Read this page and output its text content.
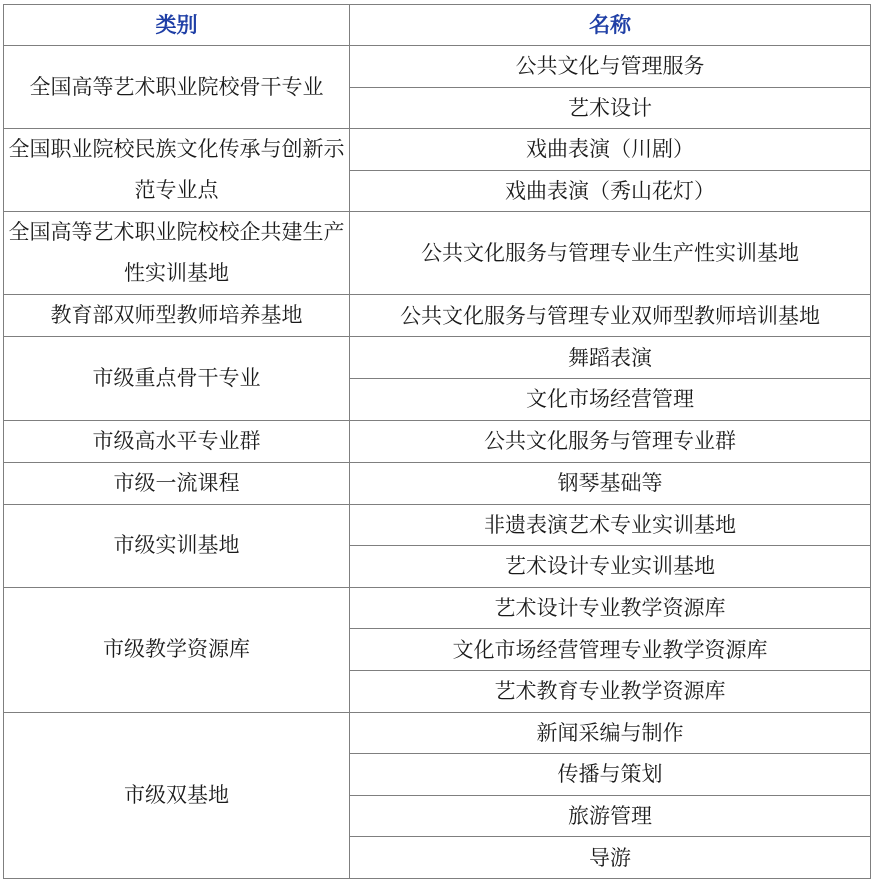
类别	名称
全国高等艺术职业院校骨干专业	公共文化与管理服务
	艺术设计
全国职业院校民族文化传承与创新示范专业点	戏曲表演（川剧）
	戏曲表演（秀山花灯）
全国高等艺术职业院校校企共建生产性实训基地	公共文化服务与管理专业生产性实训基地
教育部双师型教师培养基地	公共文化服务与管理专业双师型教师培训基地
市级重点骨干专业	舞蹈表演
	文化市场经营管理
市级高水平专业群	公共文化服务与管理专业群
市级一流课程	钢琴基础等
市级实训基地	非遗表演艺术专业实训基地
	艺术设计专业实训基地
市级教学资源库	艺术设计专业教学资源库
	文化市场经营管理专业教学资源库
	艺术教育专业教学资源库
市级双基地	新闻采编与制作
	传播与策划
	旅游管理
	导游
